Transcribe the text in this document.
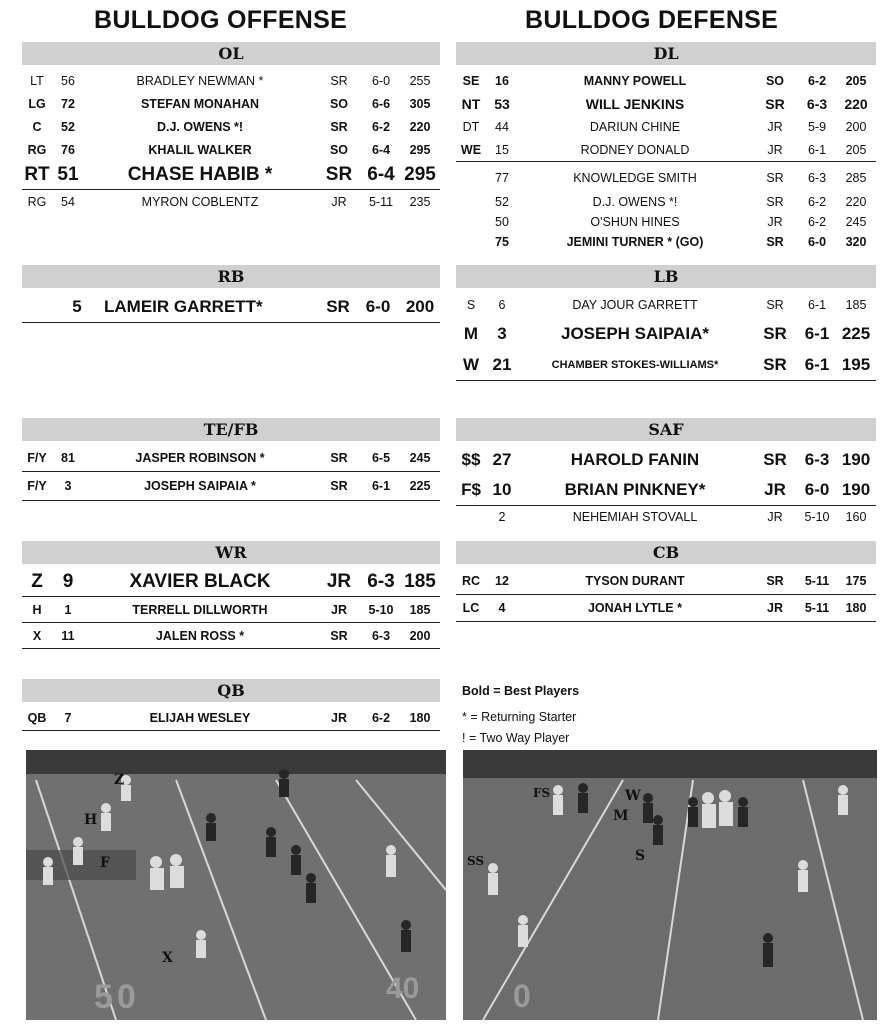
BULLDOG OFFENSE	BULLDOG DEFENSE
OL
LT	56	BRADLEY NEWMAN *	SR	6-0	255
LG	72	STEFAN MONAHAN	SO	6-6	305
C	52	D.J. OWENS *!	SR	6-2	220
RG	76	KHALIL WALKER	SO	6-4	295
RT 51	CHASE HABIB *	SR 6-4 295
RG	54	MYRON COBLENTZ	JR	5-11	235
DL
SE	16	MANNY POWELL	SO	6-2	205
NT 53	WILL JENKINS	SR	6-3	220
DT	44	DARIUN CHINE	JR	5-9	200
WE	15	RODNEY DONALD	JR	6-1	205
77	KNOWLEDGE SMITH	SR	6-3	285
52	D.J. OWENS *!	SR	6-2	220
50	O'SHUN HINES	JR	6-2	245
75	JEMINI TURNER * (GO)	SR	6-0	320
RB
5	LAMEIR GARRETT*	SR 6-0 200
LB
S	6	DAY JOUR GARRETT	SR	6-1	185
M	3	JOSEPH SAIPAIA*	SR	6-1 225
W 21	CHAMBER STOKES-WILLIAMS*	SR	6-1 195
TE/FB
F/Y	81	JASPER ROBINSON *	SR	6-5	245
F/Y	3	JOSEPH SAIPAIA *	SR	6-1	225
SAF
$$ 27	HAROLD FANIN	SR	6-3 190
F$ 10	BRIAN PINKNEY*	JR	6-0 190
2	NEHEMIAH STOVALL	JR	5-10	160
WR
Z	9	XAVIER BLACK	JR 6-3 185
H	1	TERRELL DILLWORTH	JR	5-10	185
X	11	JALEN ROSS *	SR	6-3	200
CB
RC	12	TYSON DURANT	SR	5-11	175
LC	4	JONAH LYTLE *	JR	5-11	180
QB
QB	7	ELIJAH WESLEY	JR	6-2	180
Bold = Best Players
* = Returning Starter
! = Two Way Player
Z
H
F
X
50	40
FS	W
M
S
SS
0
